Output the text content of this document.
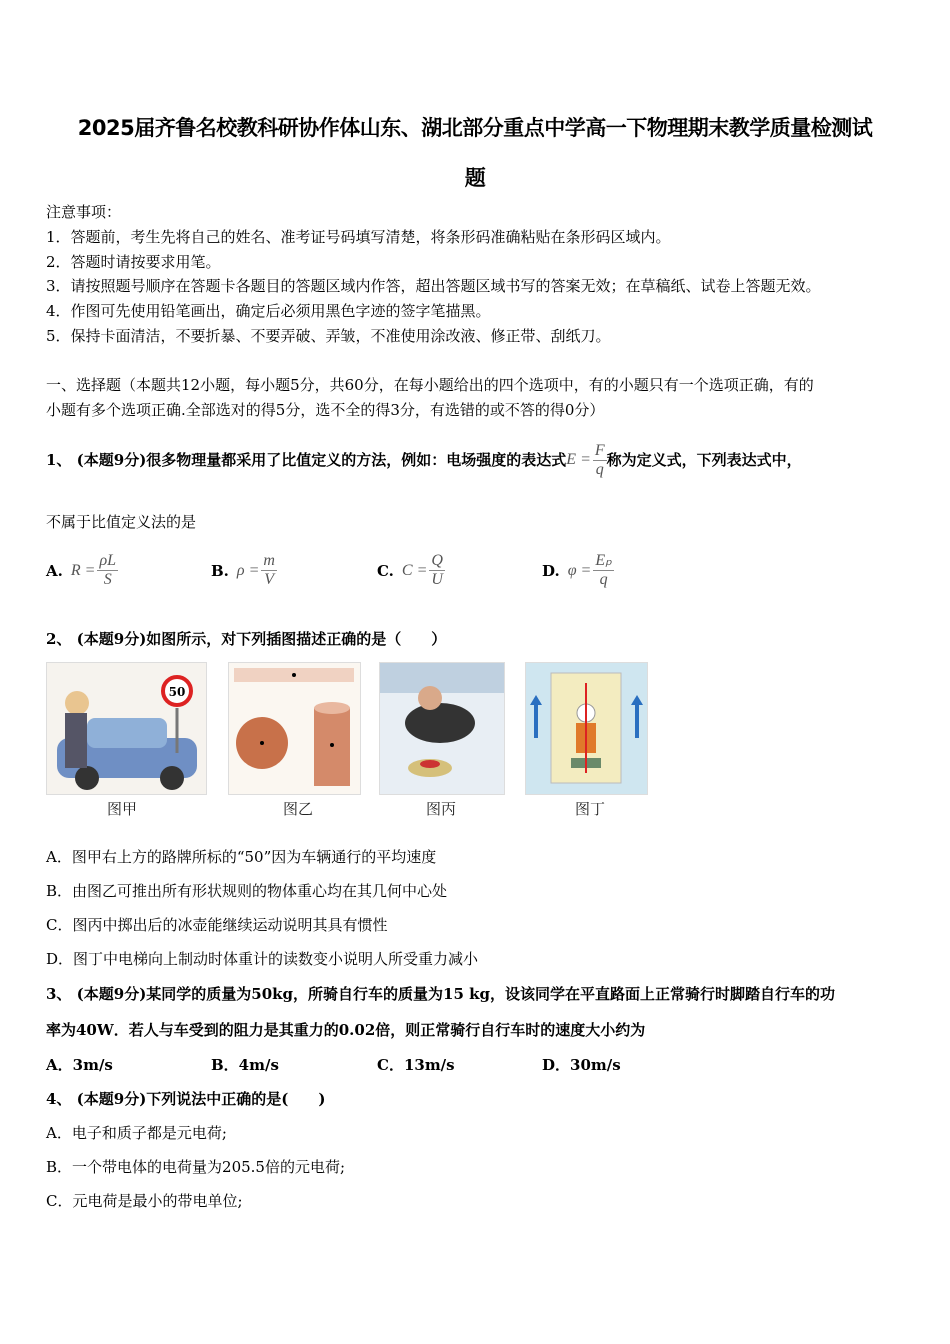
2025届齐鲁名校教科研协作体山东、湖北部分重点中学高一下物理期末教学质量检测试
题
注意事项：
1．答题前，考生先将自己的姓名、准考证号码填写清楚，将条形码准确粘贴在条形码区域内。
2．答题时请按要求用笔。
3．请按照题号顺序在答题卡各题目的答题区域内作答，超出答题区域书写的答案无效；在草稿纸、试卷上答题无效。
4．作图可先使用铅笔画出，确定后必须用黑色字迹的签字笔描黑。
5．保持卡面清洁，不要折暴、不要弄破、弄皱，不准使用涂改液、修正带、刮纸刀。
一、选择题（本题共12小题，每小题5分，共60分，在每小题给出的四个选项中，有的小题只有一个选项正确，有的
小题有多个选项正确.全部选对的得5分，选不全的得3分，有选错的或不答的得0分）
1、 (本题9分)很多物理量都采用了比值定义的方法，例如：电场强度的表达式 $E = \frac{F}{q}$ 称为定义式，下列表达式中，
不属于比值定义法的是
A. $R = \frac{\rho L}{S}$	B. $\rho = \frac{m}{V}$	C. $C = \frac{Q}{U}$	D. $\varphi = \frac{\text{Eₚ}}{q}$
2、 (本题9分)如图所示，对下列插图描述正确的是（　　）
50
图甲	图乙	图丙	图丁
A．图甲右上方的路牌所标的“50”因为车辆通行的平均速度
B．由图乙可推出所有形状规则的物体重心均在其几何中心处
C．图丙中掷出后的冰壶能继续运动说明其具有惯性
D．图丁中电梯向上制动时体重计的读数变小说明人所受重力减小
3、 (本题9分)某同学的质量为50kg，所骑自行车的质量为15 kg，设该同学在平直路面上正常骑行时脚踏自行车的功
率为40W．若人与车受到的阻力是其重力的0.02倍，则正常骑行自行车时的速度大小约为
A．3m/s	B．4m/s	C．13m/s	D．30m/s
4、 (本题9分)下列说法中正确的是(　　)
A．电子和质子都是元电荷;
B．一个带电体的电荷量为205.5倍的元电荷;
C．元电荷是最小的带电单位;
